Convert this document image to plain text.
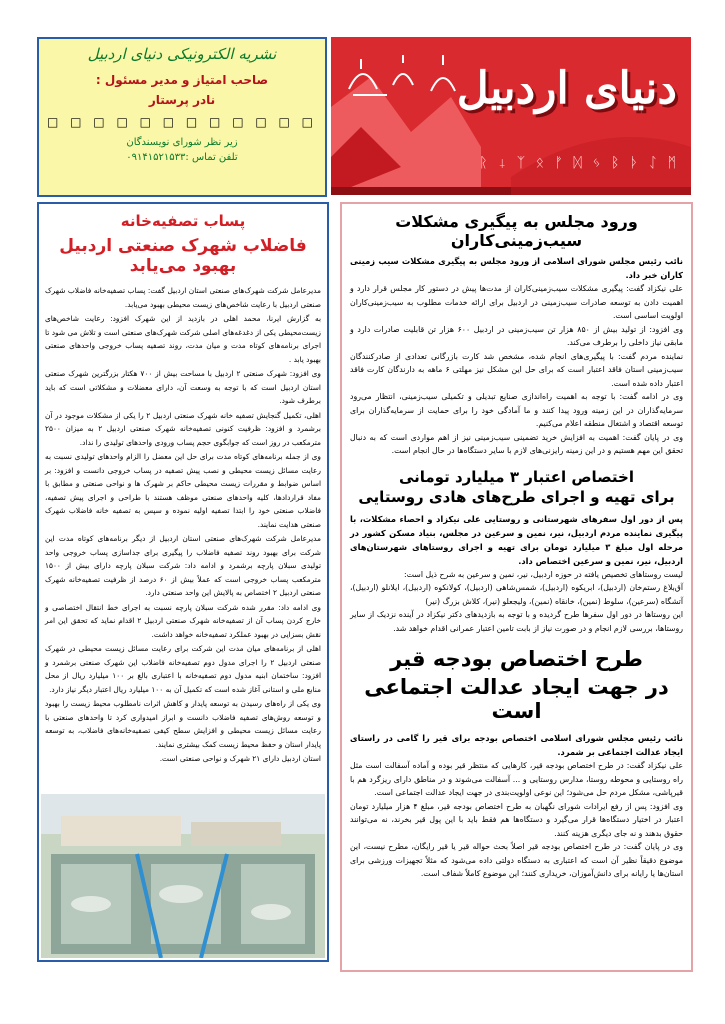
نشریه الکترونیکی دنیای اردبیل
صاحب امتیاز و مدیر مسئول :
نادر پرستار
□ □ □ □ □ □ □ □ □ □ □ □
زیر نظر شورای نویسندگان
تلفن تماس :۰۹۱۴۱۵۲۱۵۳۳
دنیای اردبیل
ᚱ ⸸ ᛉ ᛟ ᚠ ᛞ ᛃ ᛒ ᚦ ᛇ ᛗ
پساب تصفیه‌خانه
فاضلاب شهرک صنعتی اردبیل بهبود می‌یابد

مدیرعامل شرکت شهرک‌های صنعتی استان اردبیل گفت: پساب تصفیه‌خانه فاضلاب شهرک صنعتی اردبیل با رعایت شاخص‌های زیست محیطی بهبود می‌یابد.

به گزارش ایرنا، محمد اهلی در بازدید از این شهرک افزود: رعایت شاخص‌های زیست‌محیطی یکی از دغدغه‌های اصلی شرکت شهرک‌های صنعتی است و تلاش می شود تا اجرای برنامه‌های کوتاه مدت و میان مدت، روند تصفیه پساب خروجی واحدهای صنعتی بهبود یابد .

وی افزود: شهرک صنعتی ۲ اردبیل با مساحت بیش از ۷۰۰ هکتار بزرگترین شهرک صنعتی استان اردبیل است که با توجه به وسعت آن، دارای معضلات و مشکلاتی است که باید برطرف شود.

اهلی، تکمیل گنجایش تصفیه خانه شهرک صنعتی اردبیل ۲ را یکی از مشکلات موجود در آن برشمرد و افزود: ظرفیت کنونی تصفیه‌خانه شهرک صنعتی اردبیل ۲ به میزان ۲۵۰۰ مترمکعب در روز است که جوابگوی حجم پساب ورودی واحدهای تولیدی را نداد.

وی از جمله برنامه‌های کوتاه مدت برای حل این معضل را الزام واحدهای تولیدی نسبت به رعایت مسائل زیست محیطی و نصب پیش تصفیه در پساب خروجی دانست و افزود: بر اساس ضوابط و مقررات زیست محیطی حاکم بر شهرک ها و نواحی صنعتی و مطابق با مفاد قراردادها، کلیه واحدهای صنعتی موظف هستند با طراحی و اجرای پیش تصفیه، فاضلاب صنعتی خود را ابتدا تصفیه اولیه نموده و سپس به تصفیه خانه فاضلاب شهرک صنعتی هدایت نمایند.

مدیرعامل شرکت شهرک‌های صنعتی استان اردبیل از دیگر برنامه‌های کوتاه مدت این شرکت برای بهبود روند تصفیه فاضلاب را پیگیری برای جداسازی پساب خروجی واحد تولیدی سبلان پارچه برشمرد و ادامه داد: شرکت سبلان پارچه دارای بیش از ۱۵۰۰ مترمکعب پساب خروجی است که عملاً بیش از ۶۰ درصد از ظرفیت تصفیه‌خانه شهرک صنعتی اردبیل ۲ اختصاص به پالایش این واحد صنعتی دارد.

وی ادامه داد: مقرر شده شرکت سبلان پارچه نسبت به اجرای خط انتقال اختصاصی و خارج کردن پساب آن از تصفیه‌خانه شهرک صنعتی اردبیل ۲ اقدام نماید که تحقق این امر نقش بسزایی در بهبود عملکرد تصفیه‌خانه خواهد داشت.

اهلی از برنامه‌های میان مدت این شرکت برای رعایت مسائل زیست محیطی در شهرک صنعتی اردبیل ۲ را اجرای مدول دوم تصفیه‌خانه فاضلاب این شهرک صنعتی برشمرد و افزود: ساختمان ابنیه مدول دوم تصفیه‌خانه با اعتباری بالغ بر ۱۰۰ میلیارد ریال از محل منابع ملی و استانی آغاز شده است که تکمیل آن به ۱۰۰ میلیارد ریال اعتبار دیگر نیاز دارد.

وی یکی از راه‌های رسیدن به توسعه پایدار و کاهش اثرات نامطلوب محیط زیست را بهبود و توسعه روش‌های تصفیه فاضلاب دانست و ابراز امیدواری کرد تا واحدهای صنعتی با رعایت مسائل زیست محیطی و افزایش سطح کیفی تصفیه‌خانه‌های فاضلاب، به توسعه پایدار استان و حفظ محیط زیست کمک بیشتری نمایند.

استان اردبیل دارای ۲۱ شهرک و نواحی صنعتی است.

ورود مجلس به پیگیری مشکلات سیب‌زمینی‌کاران
نائب رئیس مجلس شورای اسلامی از ورود مجلس به پیگیری مشکلات سیب زمینی کاران خبر داد.

علی نیکزاد گفت: پیگیری مشکلات سیب‌زمینی‌کاران از مدت‌ها پیش در دستور کار مجلس قرار دارد و اهمیت دادن به توسعه صادرات سیب‌زمینی در اردبیل برای ارائه خدمات مطلوب به سیب‌زمینی‌کاران اولویت اساسی است.

وی افزود: از تولید بیش از ۸۵۰ هزار تن سیب‌زمینی در اردبیل ۶۰۰ هزار تن قابلیت صادرات دارد و مابقی نیاز داخلی را برطرف می‌کند.

نماینده مردم گفت: با پیگیری‌های انجام شده، مشخص شد کارت بازرگانی تعدادی از صادرکنندگان سیب‌زمینی استان فاقد اعتبار است که برای حل این مشکل نیز مهلتی ۶ ماهه به دارندگان کارت فاقد اعتبار داده شده است.

وی در ادامه گفت: با توجه به اهمیت راه‌اندازی صنایع تبدیلی و تکمیلی سیب‌زمینی، انتظار می‌رود سرمایه‌گذاران در این زمینه ورود پیدا کنند و ما آمادگی خود را برای حمایت از سرمایه‌گذاران برای توسعه اقتصاد و اشتغال منطقه اعلام می‌کنیم.

وی در پایان گفت: اهمیت به افزایش خرید تضمینی سیب‌زمینی نیز از اهم مواردی است که به دنبال تحقق این مهم هستیم و در این زمینه رایزنی‌های لازم با سایر دستگاه‌ها در حال انجام است.

اختصاص اعتبار ۳ میلیارد تومانی
برای تهیه و اجرای طرح‌های هادی روستایی
پس از دور اول سفرهای شهرستانی و روستایی علی نیکزاد و احصاء مشکلات، با پیگیری نماینده مردم اردبیل، نیر، نمین و سرعین در مجلس، بنیاد مسکن کشور در مرحله اول مبلغ ۳ میلیارد تومان برای تهیه و اجرای روستاهای شهرستان‌های اردبیل، نیر، نمین و سرعین اختصاص داد.

لیست روستاهای تخصیص یافته در حوزه اردبیل، نیر، نمین و سرعین به شرح ذیل است:

آق‌بلاغ رستم‌خان (اردبیل)، ابریکوه (اردبیل)، شمس‌شاهی (اردبیل)، کولانکوه (اردبیل)، ایلانلو (اردبیل)، آتشگاه (سرعین)، سلوط (نمین)، خانقاه (نمین)، ولیجعلو (نیر)، کلاش بزرگ (نیر)

این روستاها در دور اول سفرها طرح گردیده و با توجه به بازدیدهای دکتر نیکزاد در آینده نزدیک از سایر روستاها، بررسی لازم انجام و در صورت نیاز از بابت تامین اعتبار عمرانی اقدام خواهد شد.

طرح اختصاص بودجه قیر
در جهت ایجاد عدالت اجتماعی است
نائب رئیس مجلس شورای اسلامی اختصاص بودجه برای قیر را گامی در راستای ایجاد عدالت اجتماعی بر شمرد.

علی نیکزاد گفت: در طرح اختصاص بودجه قیر، کارهایی که منتظر قیر بوده و آماده آسفالت است مثل راه روستایی و محوطه روستا، مدارس روستایی و ... آسفالت می‌شوند و در مناطق دارای ریزگرد هم با قیرپاشی، مشکل مردم حل می‌شود؛ این نوعی اولویت‌بندی در جهت ایجاد عدالت اجتماعی است.

وی افزود: پس از رفع ایرادات شورای نگهبان به طرح اختصاص بودجه قیر، مبلغ ۴ هزار میلیارد تومان اعتبار در اختیار دستگاه‌ها قرار می‌گیرد و دستگاه‌ها هم فقط باید با این پول قیر بخرند، نه می‌توانند حقوق بدهند و نه جای دیگری هزینه کنند.

وی در پایان گفت: در طرح اختصاص بودجه قیر اصلاً بحث حواله قیر یا قیر رایگان، مطرح نیست، این موضوع دقیقاً نظیر آن است که اعتباری به دستگاه دولتی داده می‌شود که مثلاً تجهیزات ورزشی برای استان‌ها یا رایانه برای دانش‌آموزان، خریداری کنند؛ این موضوع کاملاً شفاف است.
